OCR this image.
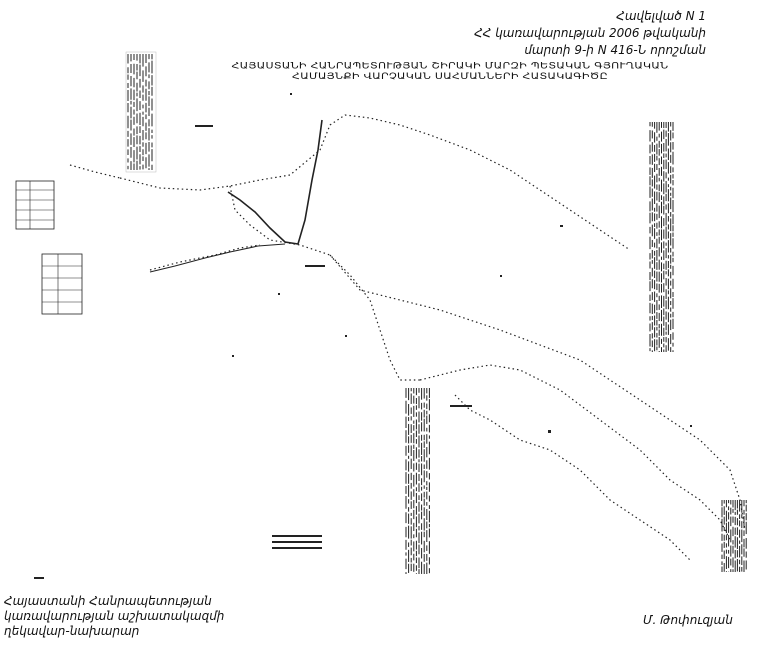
Հավելված N 1
ՀՀ կառավարության 2006 թվականի
մարտի 9-ի N 416-Ն որոշման
ՀԱՅԱՍՏԱՆԻ ՀԱՆՐԱՊԵՏՈՒԹՅԱՆ ՇԻՐԱԿԻ ՄԱՐԶԻ ՊԵՏԱԿԱՆ ԳՅՈՒՂԱԿԱՆ
ՀԱՄԱՅՆՔԻ ՎԱՐՉԱԿԱՆ ՍԱՀՄԱՆՆԵՐԻ ՀԱՏԱԿԱԳԻԾԸ
Հայաստանի Հանրապետության
կառավարության աշխատակազմի
ղեկավար-նախարար
Մ. Թոփուզյան
